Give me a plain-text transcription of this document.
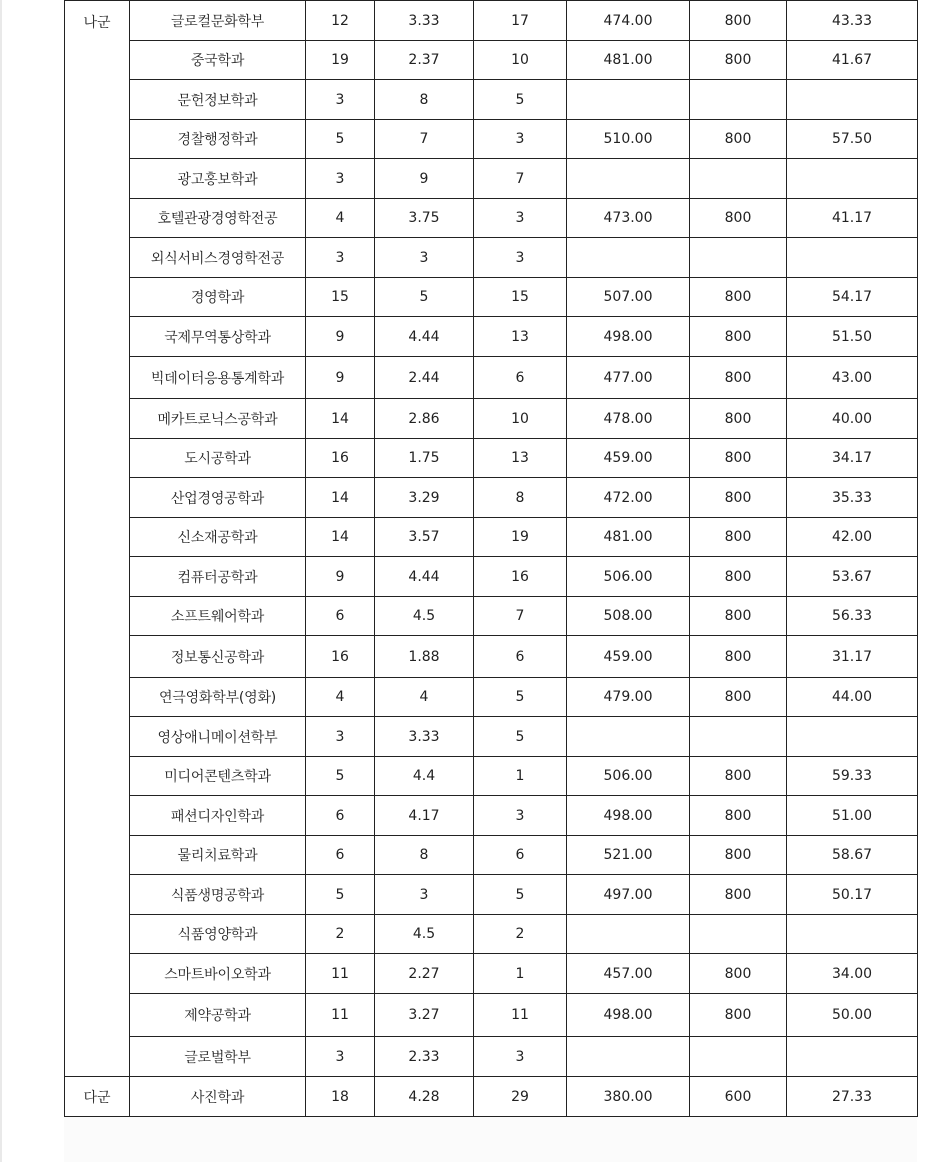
나군	글로컬문화학부	12	3.33	17	474.00	800	43.33
	중국학과	19	2.37	10	481.00	800	41.67
	문헌정보학과	3	8	5			
	경찰행정학과	5	7	3	510.00	800	57.50
	광고홍보학과	3	9	7			
	호텔관광경영학전공	4	3.75	3	473.00	800	41.17
	외식서비스경영학전공	3	3	3			
	경영학과	15	5	15	507.00	800	54.17
	국제무역통상학과	9	4.44	13	498.00	800	51.50
	빅데이터응용통계학과	9	2.44	6	477.00	800	43.00
	메카트로닉스공학과	14	2.86	10	478.00	800	40.00
	도시공학과	16	1.75	13	459.00	800	34.17
	산업경영공학과	14	3.29	8	472.00	800	35.33
	신소재공학과	14	3.57	19	481.00	800	42.00
	컴퓨터공학과	9	4.44	16	506.00	800	53.67
	소프트웨어학과	6	4.5	7	508.00	800	56.33
	정보통신공학과	16	1.88	6	459.00	800	31.17
	연극영화학부(영화)	4	4	5	479.00	800	44.00
	영상애니메이션학부	3	3.33	5			
	미디어콘텐츠학과	5	4.4	1	506.00	800	59.33
	패션디자인학과	6	4.17	3	498.00	800	51.00
	물리치료학과	6	8	6	521.00	800	58.67
	식품생명공학과	5	3	5	497.00	800	50.17
	식품영양학과	2	4.5	2			
	스마트바이오학과	11	2.27	1	457.00	800	34.00
	제약공학과	11	3.27	11	498.00	800	50.00
	글로벌학부	3	2.33	3			
다군	사진학과	18	4.28	29	380.00	600	27.33
